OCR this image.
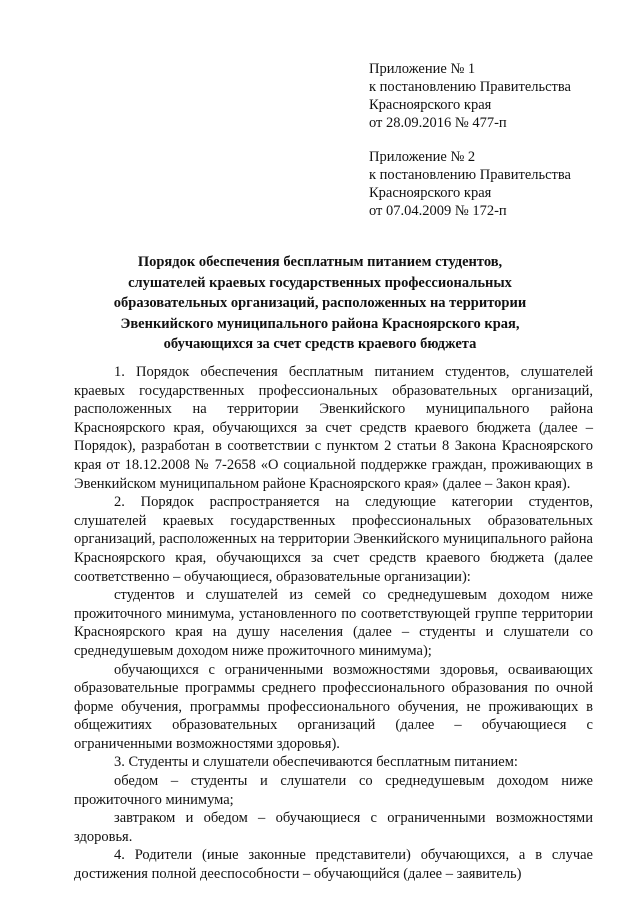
Приложение № 1
к постановлению Правительства
Красноярского края
от 28.09.2016 № 477-п
Приложение № 2
к постановлению Правительства
Красноярского края
от 07.04.2009 № 172-п
Порядок обеспечения бесплатным питанием студентов,
слушателей краевых государственных профессиональных
образовательных организаций, расположенных на территории
Эвенкийского муниципального района Красноярского края,
обучающихся за счет средств краевого бюджета

1. Порядок обеспечения бесплатным питанием студентов, слушателей краевых государственных профессиональных образовательных организаций, расположенных на территории Эвенкийского муниципального района Красноярского края, обучающихся за счет средств краевого бюджета (далее – Порядок), разработан в соответствии с пунктом 2 статьи 8 Закона Красноярского края от 18.12.2008 № 7-2658 «О социальной поддержке граждан, проживающих в Эвенкийском муниципальном районе Красноярского края» (далее – Закон края).

2. Порядок распространяется на следующие категории студентов, слушателей краевых государственных профессиональных образовательных организаций, расположенных на территории Эвенкийского муниципального района Красноярского края, обучающихся за счет средств краевого бюджета (далее соответственно – обучающиеся, образовательные организации):

студентов и слушателей из семей со среднедушевым доходом ниже прожиточного минимума, установленного по соответствующей группе территории Красноярского края на душу населения (далее – студенты и слушатели со среднедушевым доходом ниже прожиточного минимума);

обучающихся с ограниченными возможностями здоровья, осваивающих образовательные программы среднего профессионального образования по очной форме обучения, программы профессионального обучения, не проживающих в общежитиях образовательных организаций (далее – обучающиеся с ограниченными возможностями здоровья).

3. Студенты и слушатели обеспечиваются бесплатным питанием:

обедом – студенты и слушатели со среднедушевым доходом ниже прожиточного минимума;

завтраком и обедом – обучающиеся с ограниченными возможностями здоровья.

4. Родители (иные законные представители) обучающихся, а в случае достижения полной дееспособности – обучающийся (далее – заявитель)
